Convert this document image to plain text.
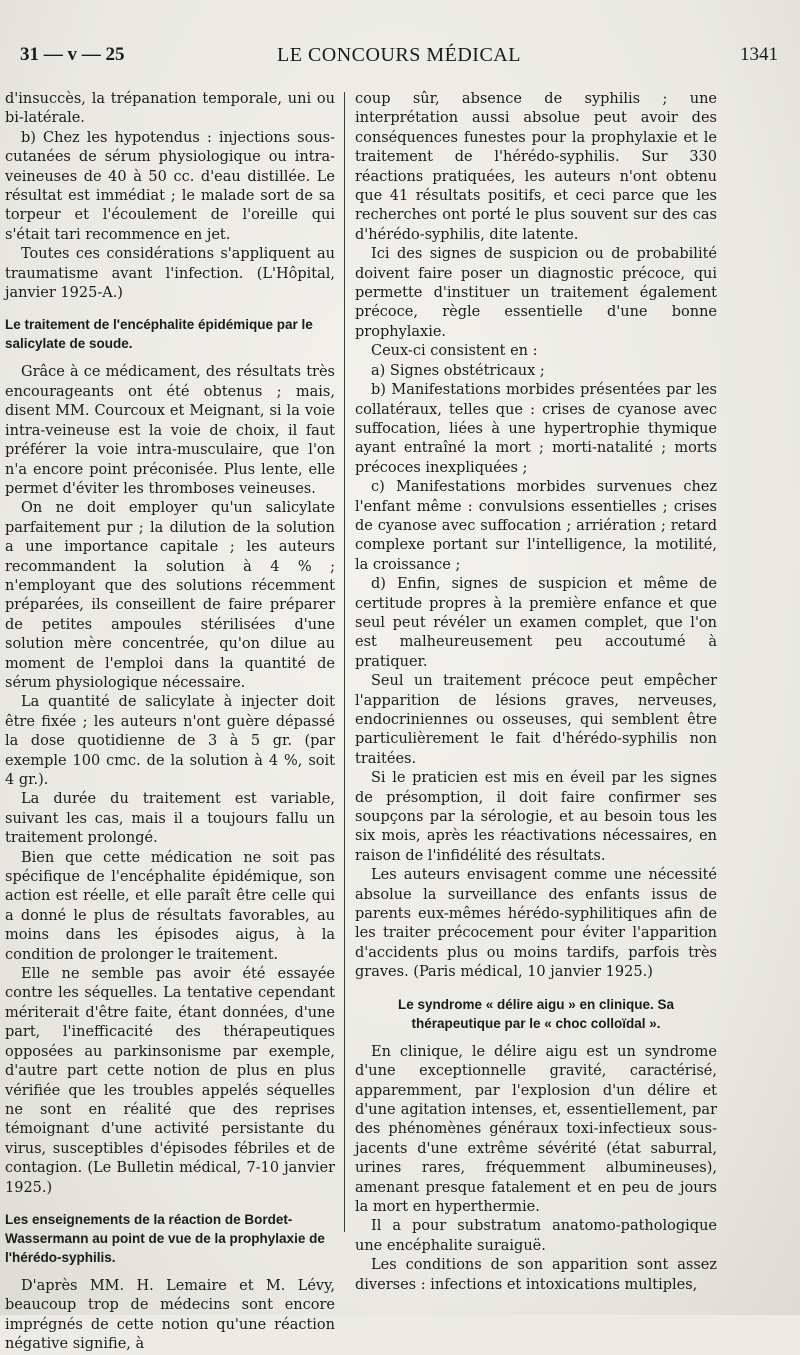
31 — v — 25	LE CONCOURS MÉDICAL	1341

d'insuccès, la trépanation temporale, uni ou bi-latérale.

b) Chez les hypotendus : injections sous-cutanées de sérum physiologique ou intra-veineuses de 40 à 50 cc. d'eau distillée. Le résultat est immédiat ; le malade sort de sa torpeur et l'écoulement de l'oreille qui s'était tari recommence en jet.

Toutes ces considérations s'appliquent au traumatisme avant l'infection. (L'Hôpital, janvier 1925-A.)

Le traitement de l'encéphalite épidémique par le salicylate de soude.

Grâce à ce médicament, des résultats très encourageants ont été obtenus ; mais, disent MM. Courcoux et Meignant, si la voie intra-veineuse est la voie de choix, il faut préférer la voie intra-musculaire, que l'on n'a encore point préconisée. Plus lente, elle permet d'éviter les thromboses veineuses.

On ne doit employer qu'un salicylate parfaitement pur ; la dilution de la solution a une importance capitale ; les auteurs recommandent la solution à 4 % ; n'employant que des solutions récemment préparées, ils conseillent de faire préparer de petites ampoules stérilisées d'une solution mère concentrée, qu'on dilue au moment de l'emploi dans la quantité de sérum physiologique nécessaire.

La quantité de salicylate à injecter doit être fixée ; les auteurs n'ont guère dépassé la dose quotidienne de 3 à 5 gr. (par exemple 100 cmc. de la solution à 4 %, soit 4 gr.).

La durée du traitement est variable, suivant les cas, mais il a toujours fallu un traitement prolongé.

Bien que cette médication ne soit pas spécifique de l'encéphalite épidémique, son action est réelle, et elle paraît être celle qui a donné le plus de résultats favorables, au moins dans les épisodes aigus, à la condition de prolonger le traitement.

Elle ne semble pas avoir été essayée contre les séquelles. La tentative cependant mériterait d'être faite, étant données, d'une part, l'inefficacité des thérapeutiques opposées au parkinsonisme par exemple, d'autre part cette notion de plus en plus vérifiée que les troubles appelés séquelles ne sont en réalité que des reprises témoignant d'une activité persistante du virus, susceptibles d'épisodes fébriles et de contagion. (Le Bulletin médical, 7-10 janvier 1925.)

Les enseignements de la réaction de Bordet-Wassermann au point de vue de la prophylaxie de l'hérédo-syphilis.

D'après MM. H. Lemaire et M. Lévy, beaucoup trop de médecins sont encore imprégnés de cette notion qu'une réaction négative signifie, à

coup sûr, absence de syphilis ; une interprétation aussi absolue peut avoir des conséquences funestes pour la prophylaxie et le traitement de l'hérédo-syphilis. Sur 330 réactions pratiquées, les auteurs n'ont obtenu que 41 résultats positifs, et ceci parce que les recherches ont porté le plus souvent sur des cas d'hérédo-syphilis, dite latente.

Ici des signes de suspicion ou de probabilité doivent faire poser un diagnostic précoce, qui permette d'instituer un traitement également précoce, règle essentielle d'une bonne prophylaxie.

Ceux-ci consistent en :

a) Signes obstétricaux ;

b) Manifestations morbides présentées par les collatéraux, telles que : crises de cyanose avec suffocation, liées à une hypertrophie thymique ayant entraîné la mort ; morti-natalité ; morts précoces inexpliquées ;

c) Manifestations morbides survenues chez l'enfant même : convulsions essentielles ; crises de cyanose avec suffocation ; arriération ; retard complexe portant sur l'intelligence, la motilité, la croissance ;

d) Enfin, signes de suspicion et même de certitude propres à la première enfance et que seul peut révéler un examen complet, que l'on est malheureusement peu accoutumé à pratiquer.

Seul un traitement précoce peut empêcher l'apparition de lésions graves, nerveuses, endocriniennes ou osseuses, qui semblent être particulièrement le fait d'hérédo-syphilis non traitées.

Si le praticien est mis en éveil par les signes de présomption, il doit faire confirmer ses soupçons par la sérologie, et au besoin tous les six mois, après les réactivations nécessaires, en raison de l'infidélité des résultats.

Les auteurs envisagent comme une nécessité absolue la surveillance des enfants issus de parents eux-mêmes hérédo-syphilitiques afin de les traiter précocement pour éviter l'apparition d'accidents plus ou moins tardifs, parfois très graves. (Paris médical, 10 janvier 1925.)

Le syndrome « délire aigu » en clinique. Sa thérapeutique par le « choc colloïdal ».

En clinique, le délire aigu est un syndrome d'une exceptionnelle gravité, caractérisé, apparemment, par l'explosion d'un délire et d'une agitation intenses, et, essentiellement, par des phénomènes généraux toxi-infectieux sous-jacents d'une extrême sévérité (état saburral, urines rares, fréquemment albumineuses), amenant presque fatalement et en peu de jours la mort en hyperthermie.

Il a pour substratum anatomo-pathologique une encéphalite suraiguë.

Les conditions de son apparition sont assez diverses : infections et intoxications multiples,
